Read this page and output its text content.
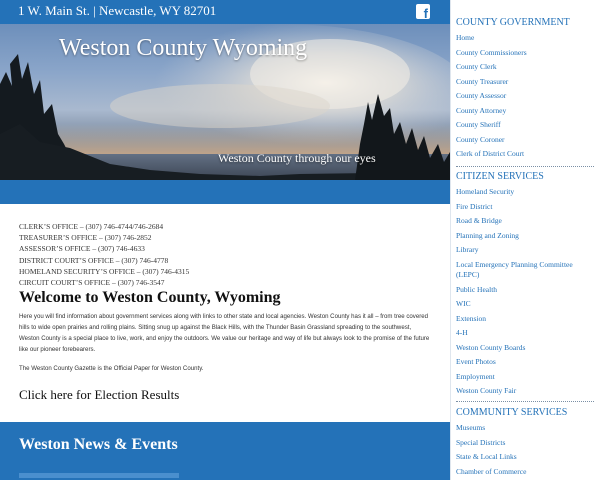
1 W. Main St. | Newcastle, WY 82701	f
Weston County Wyoming
Weston County through our eyes
CLERK’S OFFICE – (307) 746-4744/746-2684
TREASURER’S OFFICE – (307) 746-2852
ASSESSOR’S OFFICE – (307) 746-4633
DISTRICT COURT’S OFFICE – (307) 746-4778
HOMELAND SECURITY’S OFFICE – (307) 746-4315
CIRCUIT COURT’S OFFICE – (307) 746-3547
Welcome to Weston County, Wyoming

Here you will find information about government services along with links to other state and local agencies. Weston County has it all – from tree covered hills to wide open prairies and rolling plains. Sitting snug up against the Black Hills, with the Thunder Basin Grassland spreading to the southwest, Weston County is a special place to live, work, and enjoy the outdoors. We value our heritage and way of life but always look to the promise of the future like our pioneer forebearers.

The Weston County Gazette is the Official Paper for Weston County.

Click here for Election Results
Weston News & Events
COUNTY GOVERNMENT
Home
County Commissioners
County Clerk
County Treasurer
County Assessor
County Attorney
County Sheriff
County Coroner
Clerk of District Court
CITIZEN SERVICES
Homeland Security
Fire District
Road & Bridge
Planning and Zoning
Library
Local Emergency Planning Committee (LEPC)
Public Health
WIC
Extension
4-H
Weston County Boards
Event Photos
Employment
Weston County Fair
COMMUNITY SERVICES
Museums
Special Districts
State & Local Links
Chamber of Commerce
